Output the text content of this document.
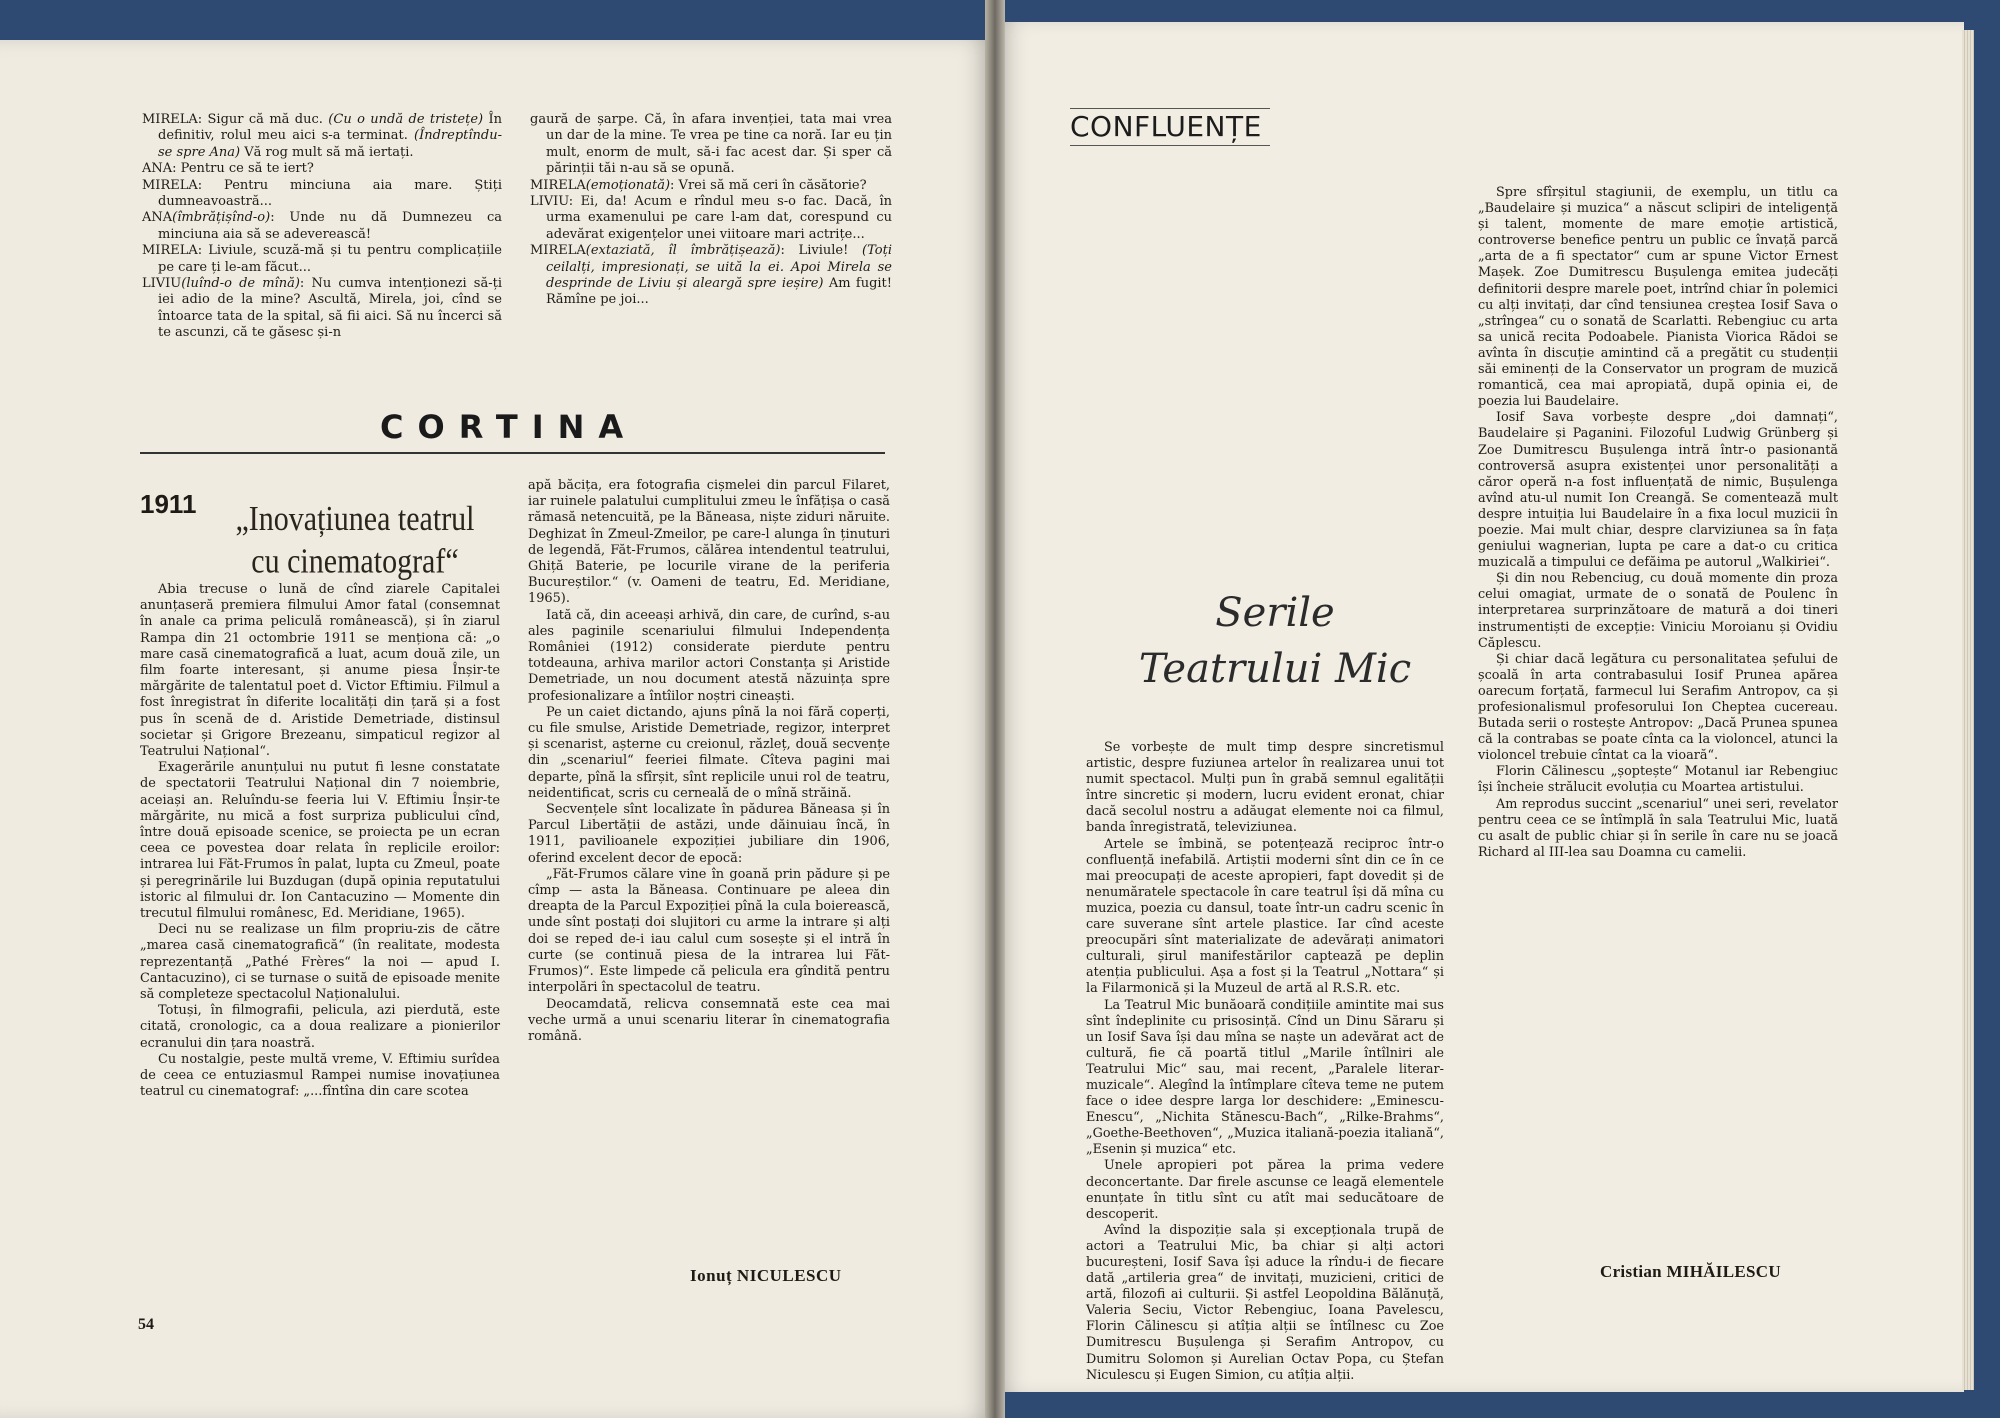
MIRELA: Sigur că mă duc. (Cu o undă de tristețe) În definitiv, rolul meu aici s-a terminat. (Îndreptîndu-se spre Ana) Vă rog mult să mă iertați.

ANA: Pentru ce să te iert?

MIRELA: Pentru minciuna aia mare. Știți dumneavoastră...

ANA(îmbrățișînd-o): Unde nu dă Dumnezeu ca minciuna aia să se adeverească!

MIRELA: Liviule, scuză-mă și tu pentru complicațiile pe care ți le-am făcut...

LIVIU(luînd-o de mînă): Nu cumva intenționezi să-ți iei adio de la mine? Ascultă, Mirela, joi, cînd se întoarce tata de la spital, să fii aici. Să nu încerci să te ascunzi, că te găsesc și-n

gaură de șarpe. Că, în afara invenției, tata mai vrea un dar de la mine. Te vrea pe tine ca noră. Iar eu țin mult, enorm de mult, să-i fac acest dar. Și sper că părinții tăi n-au să se opună.

MIRELA(emoționată): Vrei să mă ceri în căsătorie?

LIVIU: Ei, da! Acum e rîndul meu s-o fac. Dacă, în urma examenului pe care l-am dat, corespund cu adevărat exigențelor unei viitoare mari actrițe...

MIRELA(extaziată, îl îmbrățișează): Liviule! (Toți ceilalți, impresionați, se uită la ei. Apoi Mirela se desprinde de Liviu și aleargă spre ieșire) Am fugit! Rămîne pe joi...

CORTINA
1911	„Inovațiunea teatrul
cu cinematograf“

Abia trecuse o lună de cînd ziarele Capitalei anunțaseră premiera filmului Amor fatal (consemnat în anale ca prima peliculă românească), și în ziarul Rampa din 21 octombrie 1911 se menționa că: „o mare casă cinematografică a luat, acum două zile, un film foarte interesant, și anume piesa Înșir-te mărgărite de talentatul poet d. Victor Eftimiu. Filmul a fost înregistrat în diferite localități din țară și a fost pus în scenă de d. Aristide Demetriade, distinsul societar și Grigore Brezeanu, simpaticul regizor al Teatrului Național“.

Exagerările anunțului nu putut fi lesne constatate de spectatorii Teatrului Național din 7 noiembrie, aceiași an. Reluîndu-se feeria lui V. Eftimiu Înșir-te mărgărite, nu mică a fost surpriza publicului cînd, între două episoade scenice, se proiecta pe un ecran ceea ce povestea doar relata în replicile eroilor: intrarea lui Făt-Frumos în palat, lupta cu Zmeul, poate și peregrinările lui Buzdugan (după opinia reputatului istoric al filmului dr. Ion Cantacuzino — Momente din trecutul filmului românesc, Ed. Meridiane, 1965).

Deci nu se realizase un film propriu-zis de către „marea casă cinematografică“ (în realitate, modesta reprezentanță „Pathé Frères“ la noi — apud I. Cantacuzino), ci se turnase o suită de episoade menite să completeze spectacolul Naționalului.

Totuși, în filmografii, pelicula, azi pierdută, este citată, cronologic, ca a doua realizare a pionierilor ecranului din țara noastră.

Cu nostalgie, peste multă vreme, V. Eftimiu surîdea de ceea ce entuziasmul Rampei numise inovațiunea teatrul cu cinematograf: „...fîntîna din care scotea

apă băcița, era fotografia cișmelei din parcul Filaret, iar ruinele palatului cumplitului zmeu le înfățișa o casă rămasă netencuită, pe la Băneasa, niște ziduri năruite. Deghizat în Zmeul-Zmeilor, pe care-l alunga în ținuturi de legendă, Făt-Frumos, călărea intendentul teatrului, Ghiță Baterie, pe locurile virane de la periferia Bucureștilor.“ (v. Oameni de teatru, Ed. Meridiane, 1965).

Iată că, din aceeași arhivă, din care, de curînd, s-au ales paginile scenariului filmului Independența României (1912) considerate pierdute pentru totdeauna, arhiva marilor actori Constanța și Aristide Demetriade, un nou document atestă năzuința spre profesionalizare a întîilor noștri cineaști.

Pe un caiet dictando, ajuns pînă la noi fără coperți, cu file smulse, Aristide Demetriade, regizor, interpret și scenarist, așterne cu creionul, răzleț, două secvențe din „scenariul“ feeriei filmate. Cîteva pagini mai departe, pînă la sfîrșit, sînt replicile unui rol de teatru, neidentificat, scris cu cerneală de o mînă străină.

Secvențele sînt localizate în pădurea Băneasa și în Parcul Libertății de astăzi, unde dăinuiau încă, în 1911, pavilioanele expoziției jubiliare din 1906, oferind excelent decor de epocă:

„Făt-Frumos călare vine în goană prin pădure și pe cîmp — asta la Băneasa. Continuare pe aleea din dreapta de la Parcul Expoziției pînă la cula boierească, unde sînt postați doi slujitori cu arme la intrare și alți doi se reped de-i iau calul cum sosește și el intră în curte (se continuă piesa de la intrarea lui Făt-Frumos)“. Este limpede că pelicula era gîndită pentru interpolări în spectacolul de teatru.

Deocamdată, relicva consemnată este cea mai veche urmă a unui scenariu literar în cinematografia română.

Ionuț NICULESCU
54
CONFLUENȚE
Serile
Teatrului Mic

Se vorbește de mult timp despre sincretismul artistic, despre fuziunea artelor în realizarea unui tot numit spectacol. Mulți pun în grabă semnul egalității între sincretic și modern, lucru evident eronat, chiar dacă secolul nostru a adăugat elemente noi ca filmul, banda înregistrată, televiziunea.

Artele se îmbină, se potențează reciproc într-o confluență inefabilă. Artiștii moderni sînt din ce în ce mai preocupați de aceste apropieri, fapt dovedit și de nenumăratele spectacole în care teatrul își dă mîna cu muzica, poezia cu dansul, toate într-un cadru scenic în care suverane sînt artele plastice. Iar cînd aceste preocupări sînt materializate de adevărați animatori culturali, șirul manifestărilor captează pe deplin atenția publicului. Așa a fost și la Teatrul „Nottara“ și la Filarmonică și la Muzeul de artă al R.S.R. etc.

La Teatrul Mic bunăoară condițiile amintite mai sus sînt îndeplinite cu prisosință. Cînd un Dinu Săraru și un Iosif Sava își dau mîna se naște un adevărat act de cultură, fie că poartă titlul „Marile întîlniri ale Teatrului Mic“ sau, mai recent, „Paralele literar-muzicale“. Alegînd la întîmplare cîteva teme ne putem face o idee despre larga lor deschidere: „Eminescu-Enescu“, „Nichita Stănescu-Bach“, „Rilke-Brahms“, „Goethe-Beethoven“, „Muzica italiană-poezia italiană“, „Esenin și muzica“ etc.

Unele apropieri pot părea la prima vedere deconcertante. Dar firele ascunse ce leagă elementele enunțate în titlu sînt cu atît mai seducătoare de descoperit.

Avînd la dispoziție sala și excepționala trupă de actori a Teatrului Mic, ba chiar și alți actori bucureșteni, Iosif Sava își aduce la rîndu-i de fiecare dată „artileria grea“ de invitați, muzicieni, critici de artă, filozofi ai culturii. Și astfel Leopoldina Bălănuță, Valeria Seciu, Victor Rebengiuc, Ioana Pavelescu, Florin Călinescu și atîția alții se întîlnesc cu Zoe Dumitrescu Bușulenga și Serafim Antropov, cu Dumitru Solomon și Aurelian Octav Popa, cu Ștefan Niculescu și Eugen Simion, cu atîția alții.

Spre sfîrșitul stagiunii, de exemplu, un titlu ca „Baudelaire și muzica“ a născut sclipiri de inteligență și talent, momente de mare emoție artistică, controverse benefice pentru un public ce învață parcă „arta de a fi spectator“ cum ar spune Victor Ernest Mașek. Zoe Dumitrescu Bușulenga emitea judecăți definitorii despre marele poet, intrînd chiar în polemici cu alți invitați, dar cînd tensiunea creștea Iosif Sava o „strîngea“ cu o sonată de Scarlatti. Rebengiuc cu arta sa unică recita Podoabele. Pianista Viorica Rădoi se avînta în discuție amintind că a pregătit cu studenții săi eminenți de la Conservator un program de muzică romantică, cea mai apropiată, după opinia ei, de poezia lui Baudelaire.

Iosif Sava vorbește despre „doi damnați“, Baudelaire și Paganini. Filozoful Ludwig Grünberg și Zoe Dumitrescu Bușulenga intră într-o pasionantă controversă asupra existenței unor personalități a căror operă n-a fost influențată de nimic, Bușulenga avînd atu-ul numit Ion Creangă. Se comentează mult despre intuiția lui Baudelaire în a fixa locul muzicii în poezie. Mai mult chiar, despre clarviziunea sa în fața geniului wagnerian, lupta pe care a dat-o cu critica muzicală a timpului ce defăima pe autorul „Walkiriei“.

Și din nou Rebenciug, cu două momente din proza celui omagiat, urmate de o sonată de Poulenc în interpretarea surprinzătoare de matură a doi tineri instrumentiști de excepție: Viniciu Moroianu și Ovidiu Căplescu.

Și chiar dacă legătura cu personalitatea șefului de școală în arta contrabasului Iosif Prunea apărea oarecum forțată, farmecul lui Serafim Antropov, ca și profesionalismul profesorului Ion Cheptea cucereau. Butada serii o rostește Antropov: „Dacă Prunea spunea că la contrabas se poate cînta ca la violoncel, atunci la violoncel trebuie cîntat ca la vioară“.

Florin Călinescu „șoptește“ Motanul iar Rebengiuc își încheie strălucit evoluția cu Moartea artistului.

Am reprodus succint „scenariul“ unei seri, revelator pentru ceea ce se întîmplă în sala Teatrului Mic, luată cu asalt de public chiar și în serile în care nu se joacă Richard al III-lea sau Doamna cu camelii.

Cristian MIHĂILESCU
